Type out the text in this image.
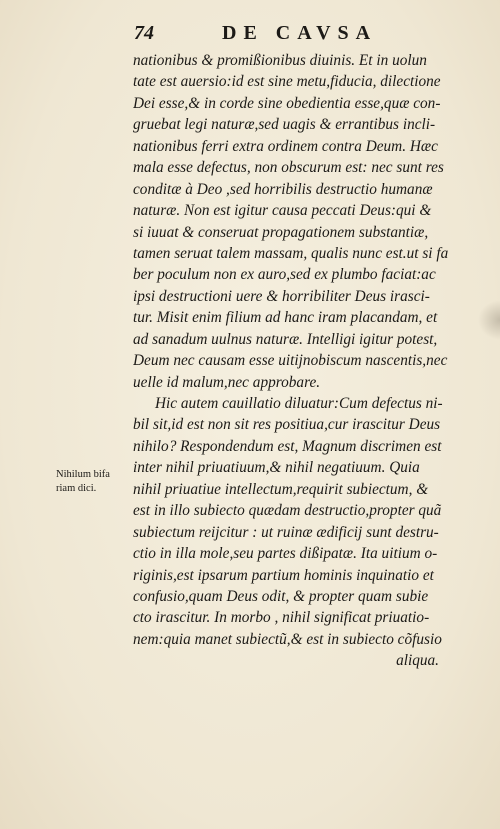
74	DE CAVSA
Nihilum bifa
riam dici.
nationibus & promißionibus diuinis. Et in uolun
tate est auersio:id est sine metu,fiducia, dilectione
Dei esse,& in corde sine obedientia esse,quæ con-
gruebat legi naturæ,sed uagis & errantibus incli-
nationibus ferri extra ordinem contra Deum. Hæc
mala esse defectus, non obscurum est: nec sunt res
conditæ à Deo ,sed horribilis destructio humanæ
naturæ. Non est igitur causa peccati Deus:qui &
si iuuat & conseruat propagationem substantiæ,
tamen seruat talem massam, qualis nunc est.ut si fa
ber poculum non ex auro,sed ex plumbo faciat:ac
ipsi destructioni uere & horribiliter Deus irasci-
tur. Misit enim filium ad hanc iram placandam, et
ad sanadum uulnus naturæ. Intelligi igitur potest,
Deum nec causam esse uitijnobiscum nascentis,nec
uelle id malum,nec approbare.
Hic autem cauillatio diluatur:Cum defectus ni-
bil sit,id est non sit res positiua,cur irascitur Deus
nihilo? Respondendum est, Magnum discrimen est
inter nihil priuatiuum,& nihil negatiuum. Quia
nihil priuatiue intellectum,requirit subiectum, &
est in illo subiecto quædam destructio,propter quã
subiectum reijcitur : ut ruinæ ædificij sunt destru-
ctio in illa mole,seu partes dißipatæ. Ita uitium o-
riginis,est ipsarum partium hominis inquinatio et
confusio,quam Deus odit, & propter quam subie
cto irascitur. In morbo , nihil significat priuatio-
nem:quia manet subiectũ,& est in subiecto cõfusio
aliqua.
